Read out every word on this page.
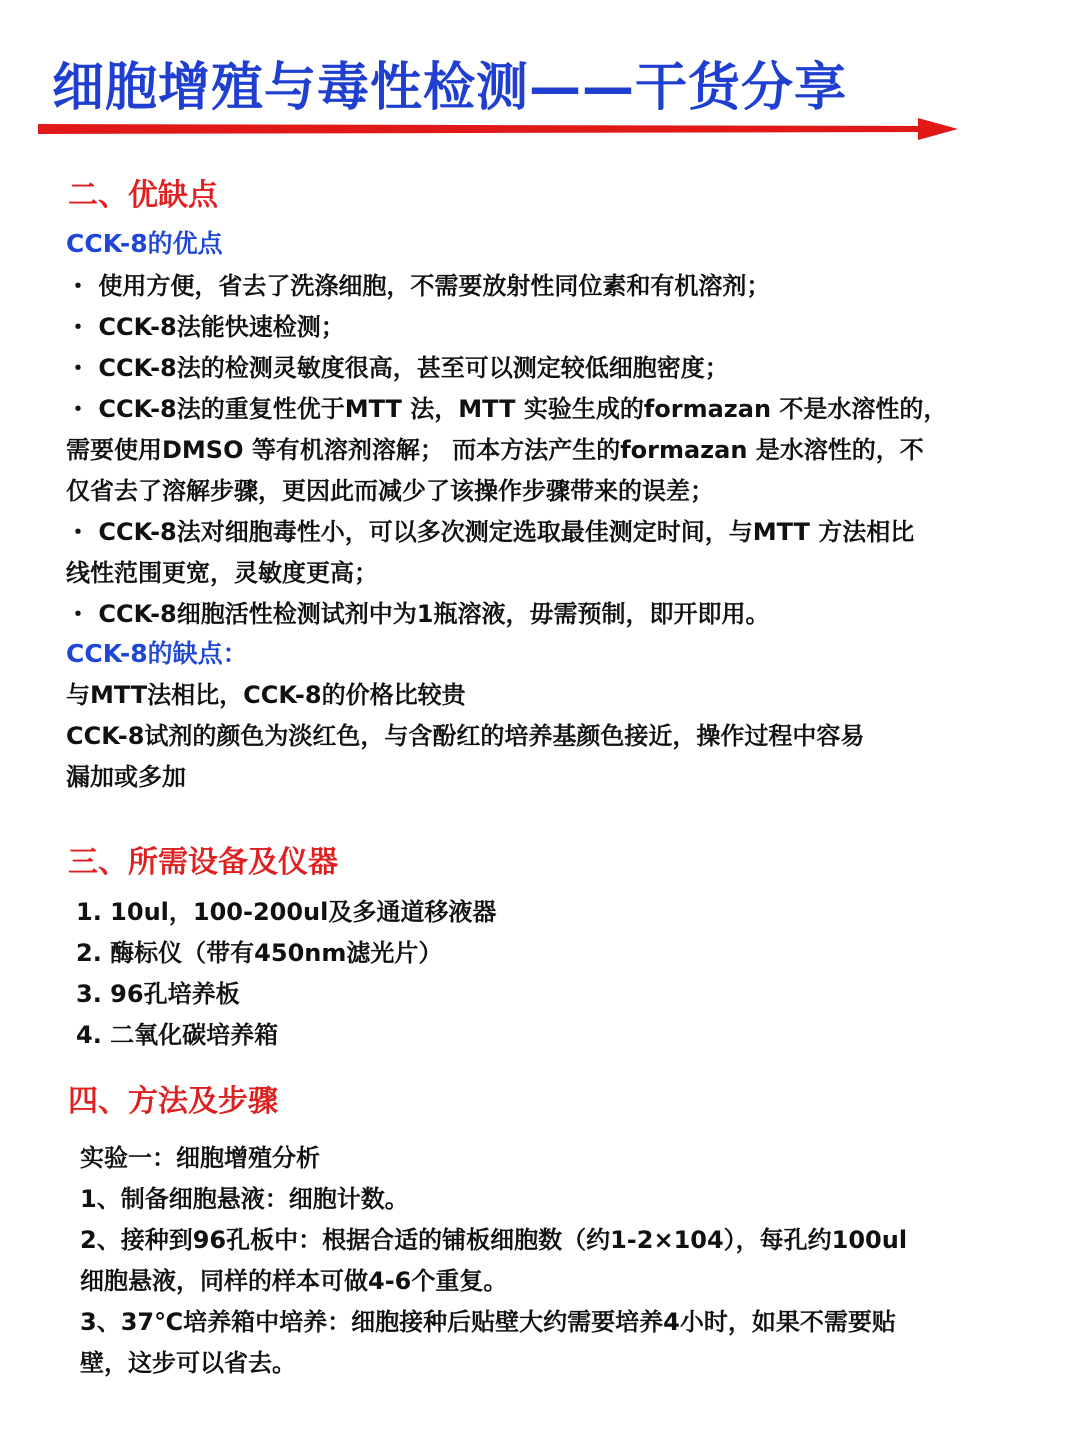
细胞增殖与毒性检测——干货分享
二、优缺点
CCK-8的优点
・ 使用方便，省去了洗涤细胞，不需要放射性同位素和有机溶剂；
・ CCK-8法能快速检测；
・ CCK-8法的检测灵敏度很高，甚至可以测定较低细胞密度；
・ CCK-8法的重复性优于MTT 法，MTT 实验生成的formazan 不是水溶性的，
需要使用DMSO 等有机溶剂溶解； 而本方法产生的formazan 是水溶性的，不
仅省去了溶解步骤，更因此而减少了该操作步骤带来的误差；
・ CCK-8法对细胞毒性小，可以多次测定选取最佳测定时间，与MTT 方法相比
线性范围更宽，灵敏度更高；
・ CCK-8细胞活性检测试剂中为1瓶溶液，毋需预制，即开即用。
CCK-8的缺点：
与MTT法相比，CCK-8的价格比较贵
CCK-8试剂的颜色为淡红色，与含酚红的培养基颜色接近，操作过程中容易
漏加或多加
三、所需设备及仪器
1. 10ul，100-200ul及多通道移液器
2. 酶标仪（带有450nm滤光片）
3. 96孔培养板
4. 二氧化碳培养箱
四、方法及步骤
实验一：细胞增殖分析
1、制备细胞悬液：细胞计数。
2、接种到96孔板中：根据合适的铺板细胞数（约1-2×104），每孔约100ul
细胞悬液，同样的样本可做4-6个重复。
3、37℃培养箱中培养：细胞接种后贴壁大约需要培养4小时，如果不需要贴
壁，这步可以省去。
